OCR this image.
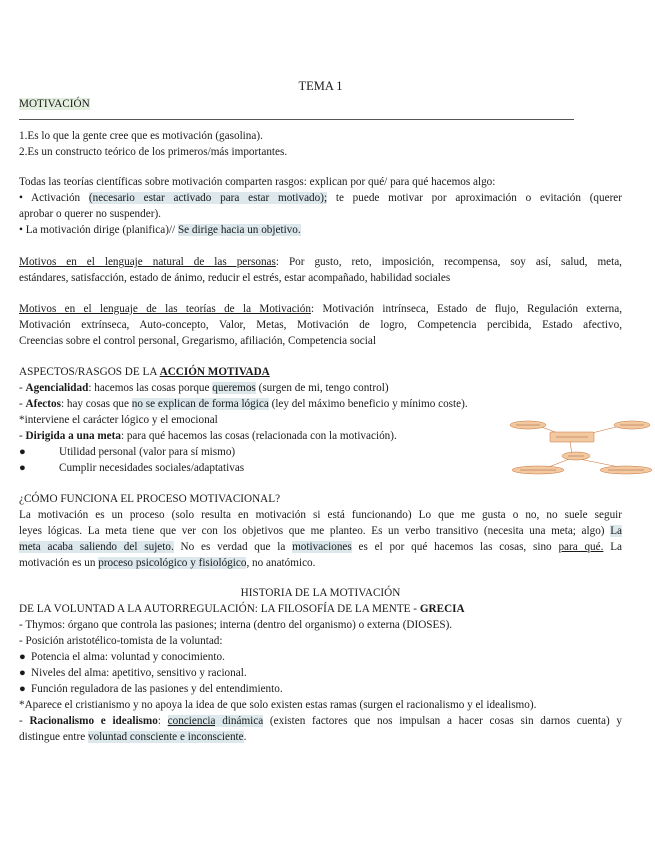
TEMA 1
MOTIVACIÓN
1.Es lo que la gente cree que es motivación (gasolina).
2.Es un constructo teórico de los primeros/más importantes.
Todas las teorías científicas sobre motivación comparten rasgos: explican por qué/ para qué hacemos algo:
• Activación (necesario estar activado para estar motivado); te puede motivar por aproximación o evitación (querer
aprobar o querer no suspender).
• La motivación dirige (planifica)// Se dirige hacia un objetivo.
Motivos en el lenguaje natural de las personas: Por gusto, reto, imposición, recompensa, soy así, salud, meta,
estándares, satisfacción, estado de ánimo, reducir el estrés, estar acompañado, habilidad sociales
Motivos en el lenguaje de las teorías de la Motivación: Motivación intrínseca, Estado de flujo, Regulación externa,
Motivación extrínseca, Auto-concepto, Valor, Metas, Motivación de logro, Competencia percibida, Estado afectivo,
Creencias sobre el control personal, Gregarismo, afiliación, Competencia social
ASPECTOS/RASGOS DE LA ACCIÓN MOTIVADA
- Agencialidad: hacemos las cosas porque queremos (surgen de mi, tengo control)
- Afectos: hay cosas que no se explican de forma lógica (ley del máximo beneficio y mínimo coste).
*interviene el carácter lógico y el emocional
- Dirigida a una meta: para qué hacemos las cosas (relacionada con la motivación).
●	Utilidad personal (valor para sí mismo)
●	Cumplir necesidades sociales/adaptativas
¿CÓMO FUNCIONA EL PROCESO MOTIVACIONAL?
La motivación es un proceso (solo resulta en motivación si está funcionando) Lo que me gusta o no, no suele seguir
leyes lógicas. La meta tiene que ver con los objetivos que me planteo. Es un verbo transitivo (necesita una meta; algo) La
meta acaba saliendo del sujeto. No es verdad que la motivaciones es el por qué hacemos las cosas, sino para qué. La
motivación es un proceso psicológico y fisiológico, no anatómico.
HISTORIA DE LA MOTIVACIÓN
DE LA VOLUNTAD A LA AUTORREGULACIÓN: LA FILOSOFÍA DE LA MENTE - GRECIA
- Thymos: órgano que controla las pasiones; interna (dentro del organismo) o externa (DIOSES).
- Posición aristotélico-tomista de la voluntad:
● Potencia el alma: voluntad y conocimiento.
● Niveles del alma: apetitivo, sensitivo y racional.
● Función reguladora de las pasiones y del entendimiento.
*Aparece el cristianismo y no apoya la idea de que solo existen estas ramas (surgen el racionalismo y el idealismo).
- Racionalismo e idealismo: conciencia dinámica (existen factores que nos impulsan a hacer cosas sin darnos cuenta) y
distingue entre voluntad consciente e inconsciente.
